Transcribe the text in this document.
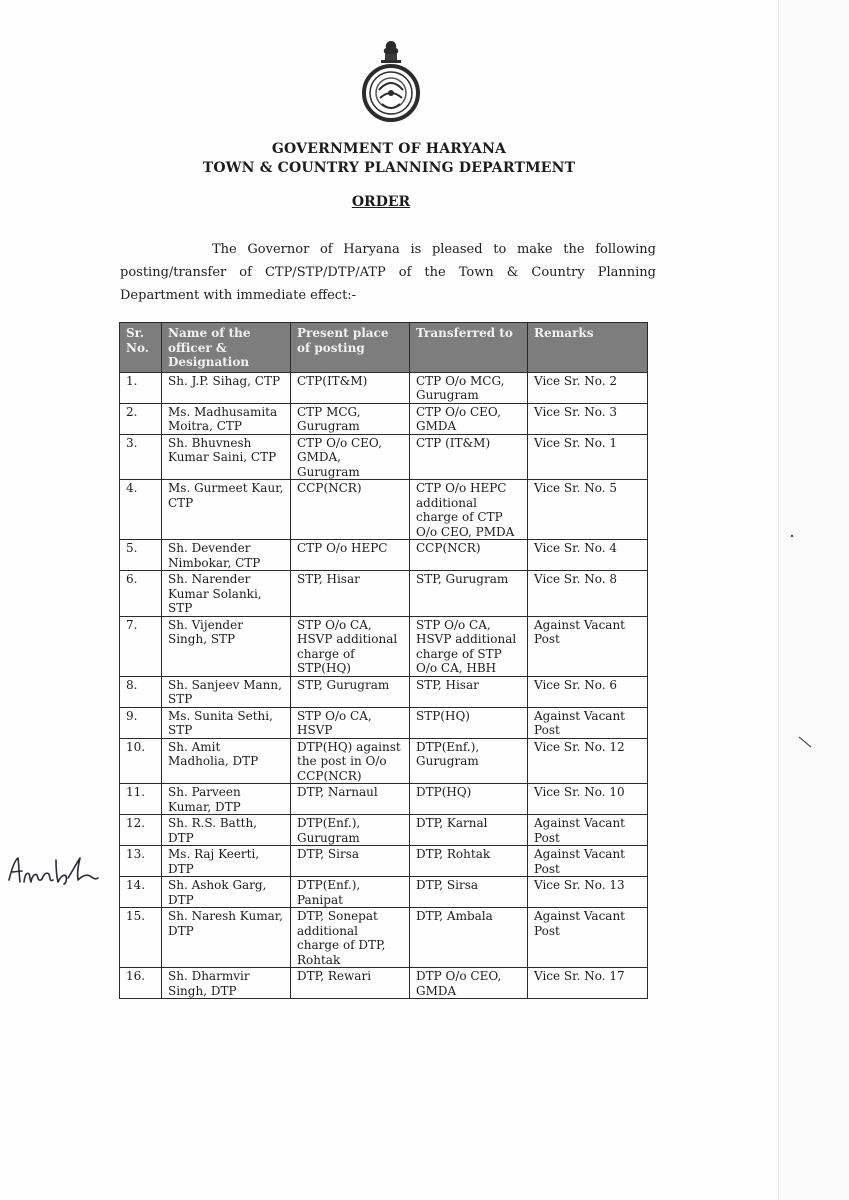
GOVERNMENT OF HARYANA
TOWN & COUNTRY PLANNING DEPARTMENT
ORDER
The Governor of Haryana is pleased to make the following posting/transfer of CTP/STP/DTP/ATP of the Town & Country Planning Department with immediate effect:-
Sr. No.	Name of the officer & Designation	Present place of posting	Transferred to	Remarks
1.	Sh. J.P. Sihag, CTP	CTP(IT&M)	CTP O/o MCG, Gurugram	Vice Sr. No. 2
2.	Ms. Madhusamita Moitra, CTP	CTP MCG, Gurugram	CTP O/o CEO, GMDA	Vice Sr. No. 3
3.	Sh. Bhuvnesh Kumar Saini, CTP	CTP O/o CEO, GMDA, Gurugram	CTP (IT&M)	Vice Sr. No. 1
4.	Ms. Gurmeet Kaur, CTP	CCP(NCR)	CTP O/o HEPC additional charge of CTP O/o CEO, PMDA	Vice Sr. No. 5
5.	Sh. Devender Nimbokar, CTP	CTP O/o HEPC	CCP(NCR)	Vice Sr. No. 4
6.	Sh. Narender Kumar Solanki, STP	STP, Hisar	STP, Gurugram	Vice Sr. No. 8
7.	Sh. Vijender Singh, STP	STP O/o CA, HSVP additional charge of STP(HQ)	STP O/o CA, HSVP additional charge of STP O/o CA, HBH	Against Vacant Post
8.	Sh. Sanjeev Mann, STP	STP, Gurugram	STP, Hisar	Vice Sr. No. 6
9.	Ms. Sunita Sethi, STP	STP O/o CA, HSVP	STP(HQ)	Against Vacant Post
10.	Sh. Amit Madholia, DTP	DTP(HQ) against the post in O/o CCP(NCR)	DTP(Enf.), Gurugram	Vice Sr. No. 12
11.	Sh. Parveen Kumar, DTP	DTP, Narnaul	DTP(HQ)	Vice Sr. No. 10
12.	Sh. R.S. Batth, DTP	DTP(Enf.), Gurugram	DTP, Karnal	Against Vacant Post
13.	Ms. Raj Keerti, DTP	DTP, Sirsa	DTP, Rohtak	Against Vacant Post
14.	Sh. Ashok Garg, DTP	DTP(Enf.), Panipat	DTP, Sirsa	Vice Sr. No. 13
15.	Sh. Naresh Kumar, DTP	DTP, Sonepat additional charge of DTP, Rohtak	DTP, Ambala	Against Vacant Post
16.	Sh. Dharmvir Singh, DTP	DTP, Rewari	DTP O/o CEO, GMDA	Vice Sr. No. 17
